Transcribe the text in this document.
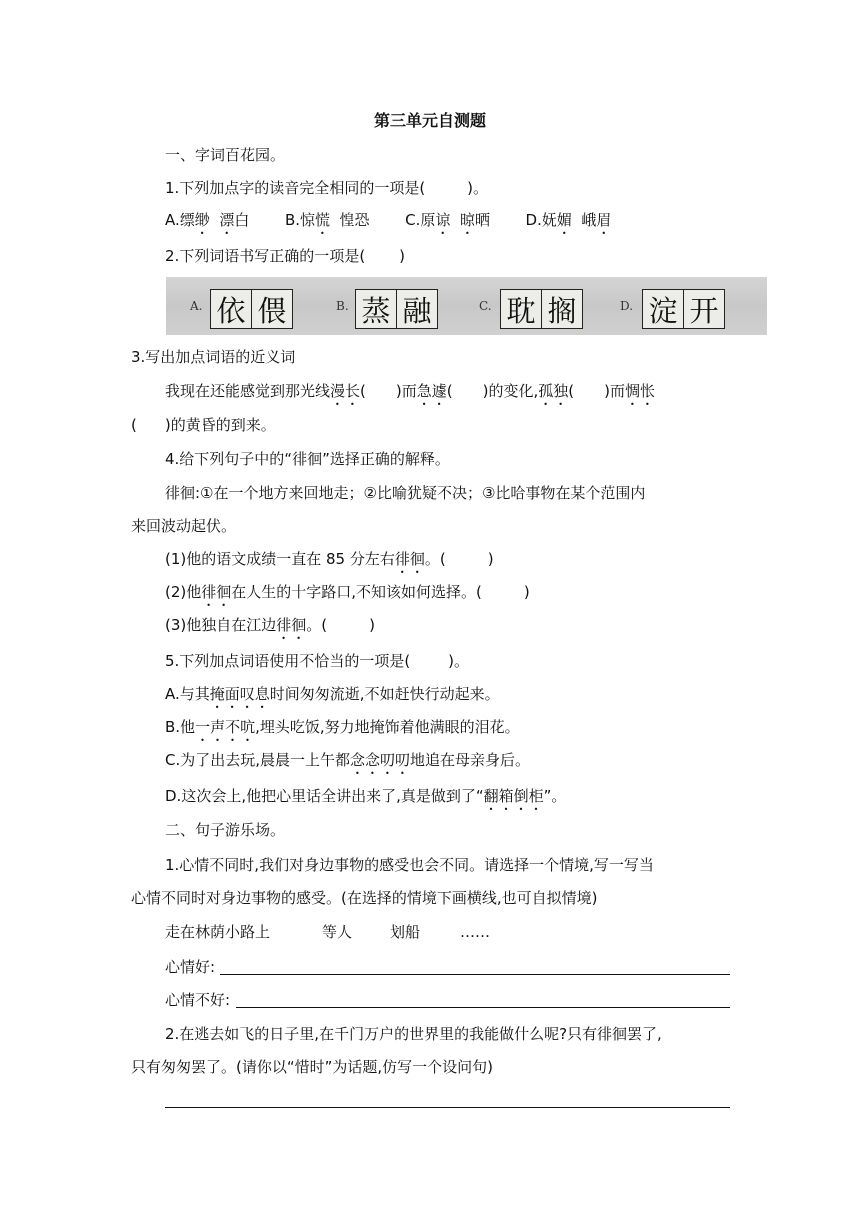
第三单元自测题
一、字词百花园。
1.下列加点字的读音完全相同的一项是(	)。
A.缥缈 漂白 B.惊慌  惶恐 C.原谅 晾晒 D.妩媚  峨眉
2.下列词语书写正确的一项是( )
A. 依 偎	B. 蒸 融	C. 耽 搁	D. 淀 开
3.写出加点词语的近义词
我现在还能感觉到那光线漫长( )而急遽( )的变化,孤独( )而惆怅
( )的黄昏的到来。
4.给下列句子中的“徘徊”选择正确的解释。
徘徊:①在一个地方来回地走；②比喻犹疑不决；③比哈事物在某个范围内
来回波动起伏。
(1)他的语文成绩一直在 85 分左右徘徊。(	)
(2)他徘徊在人生的十字路口,不知该如何选择。(	)
(3)他独自在江边徘徊。(	)
5.下列加点词语使用不恰当的一项是(	)。
A.与其掩面叹息时间匆匆流逝,不如赶快行动起来。
B.他一声不吭,埋头吃饭,努力地掩饰着他满眼的泪花。
C.为了出去玩,晨晨一上午都念念叨叨地追在母亲身后。
D.这次会上,他把心里话全讲出来了,真是做到了“翻箱倒柜”。
二、句子游乐场。
1.心情不同时,我们对身边事物的感受也会不同。请选择一个情境,写一写当
心情不同时对身边事物的感受。(在选择的情境下画横线,也可自拟情境)
走在林荫小路上	等人	划船	……
心情好:
心情不好:
2.在逃去如飞的日子里,在千门万户的世界里的我能做什么呢?只有徘徊罢了,
只有匆匆罢了。(请你以“惜时”为话题,仿写一个设问句)
